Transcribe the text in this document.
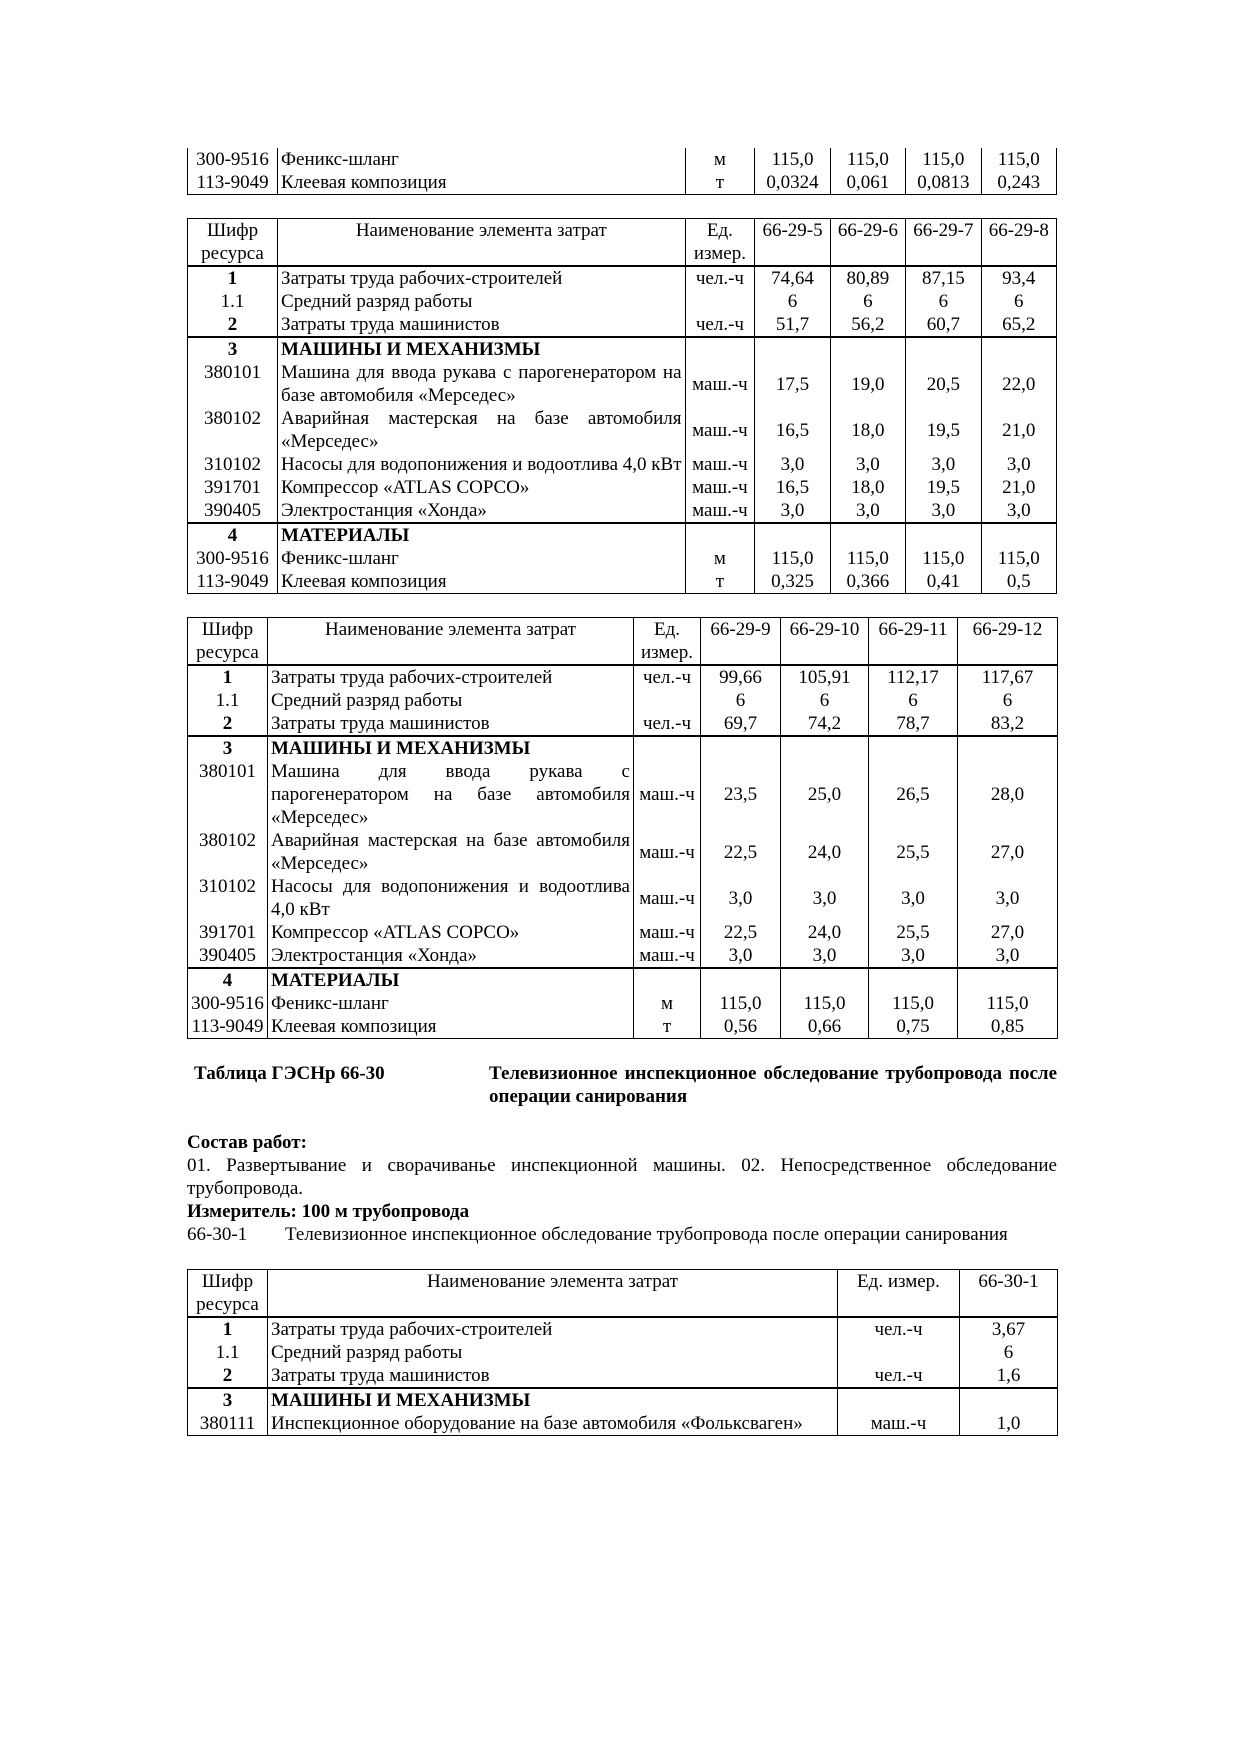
300-9516	Феникс-шланг	м	115,0	115,0	115,0	115,0
113-9049	Клеевая композиция	т	0,0324	0,061	0,0813	0,243
Шифр ресурса	Наименование элемента затрат	Ед. измер.	66-29-5	66-29-6	66-29-7	66-29-8
1	Затраты труда рабочих-строителей	чел.-ч	74,64	80,89	87,15	93,4
1.1	Средний разряд работы		6	6	6	6
2	Затраты труда машинистов	чел.-ч	51,7	56,2	60,7	65,2
3	МАШИНЫ И МЕХАНИЗМЫ					
380101	Машина для ввода рукава с парогенератором на базе автомобиля «Мерседес»	маш.-ч	17,5	19,0	20,5	22,0
380102	Аварийная мастерская на базе автомобиля «Мерседес»	маш.-ч	16,5	18,0	19,5	21,0
310102	Насосы для водопонижения и водоотлива 4,0 кВт	маш.-ч	3,0	3,0	3,0	3,0
391701	Компрессор «ATLAS COPCO»	маш.-ч	16,5	18,0	19,5	21,0
390405	Электростанция «Хонда»	маш.-ч	3,0	3,0	3,0	3,0
4	МАТЕРИАЛЫ					
300-9516	Феникс-шланг	м	115,0	115,0	115,0	115,0
113-9049	Клеевая композиция	т	0,325	0,366	0,41	0,5
Шифр ресурса	Наименование элемента затрат	Ед. измер.	66-29-9	66-29-10	66-29-11	66-29-12
1	Затраты труда рабочих-строителей	чел.-ч	99,66	105,91	112,17	117,67
1.1	Средний разряд работы		6	6	6	6
2	Затраты труда машинистов	чел.-ч	69,7	74,2	78,7	83,2
3	МАШИНЫ И МЕХАНИЗМЫ					
380101	Машина для ввода рукава с парогенератором на базе автомобиля «Мерседес»	маш.-ч	23,5	25,0	26,5	28,0
380102	Аварийная мастерская на базе автомобиля «Мерседес»	маш.-ч	22,5	24,0	25,5	27,0
310102	Насосы для водопонижения и водоотлива 4,0 кВт	маш.-ч	3,0	3,0	3,0	3,0
391701	Компрессор «ATLAS COPCO»	маш.-ч	22,5	24,0	25,5	27,0
390405	Электростанция «Хонда»	маш.-ч	3,0	3,0	3,0	3,0
4	МАТЕРИАЛЫ					
300-9516	Феникс-шланг	м	115,0	115,0	115,0	115,0
113-9049	Клеевая композиция	т	0,56	0,66	0,75	0,85
Таблица ГЭСНр 66-30	Телевизионное инспекционное обследование трубопровода после операции санирования
Состав работ:
01. Развертывание и сворачиванье инспекционной машины. 02. Непосредственное обследование трубопровода.
Измеритель: 100 м трубопровода
66-30-1	Телевизионное инспекционное обследование трубопровода после операции санирования
Шифр ресурса	Наименование элемента затрат	Ед. измер.	66-30-1
1	Затраты труда рабочих-строителей	чел.-ч	3,67
1.1	Средний разряд работы		6
2	Затраты труда машинистов	чел.-ч	1,6
3	МАШИНЫ И МЕХАНИЗМЫ		
380111	Инспекционное оборудование на базе автомобиля «Фольксваген»	маш.-ч	1,0
